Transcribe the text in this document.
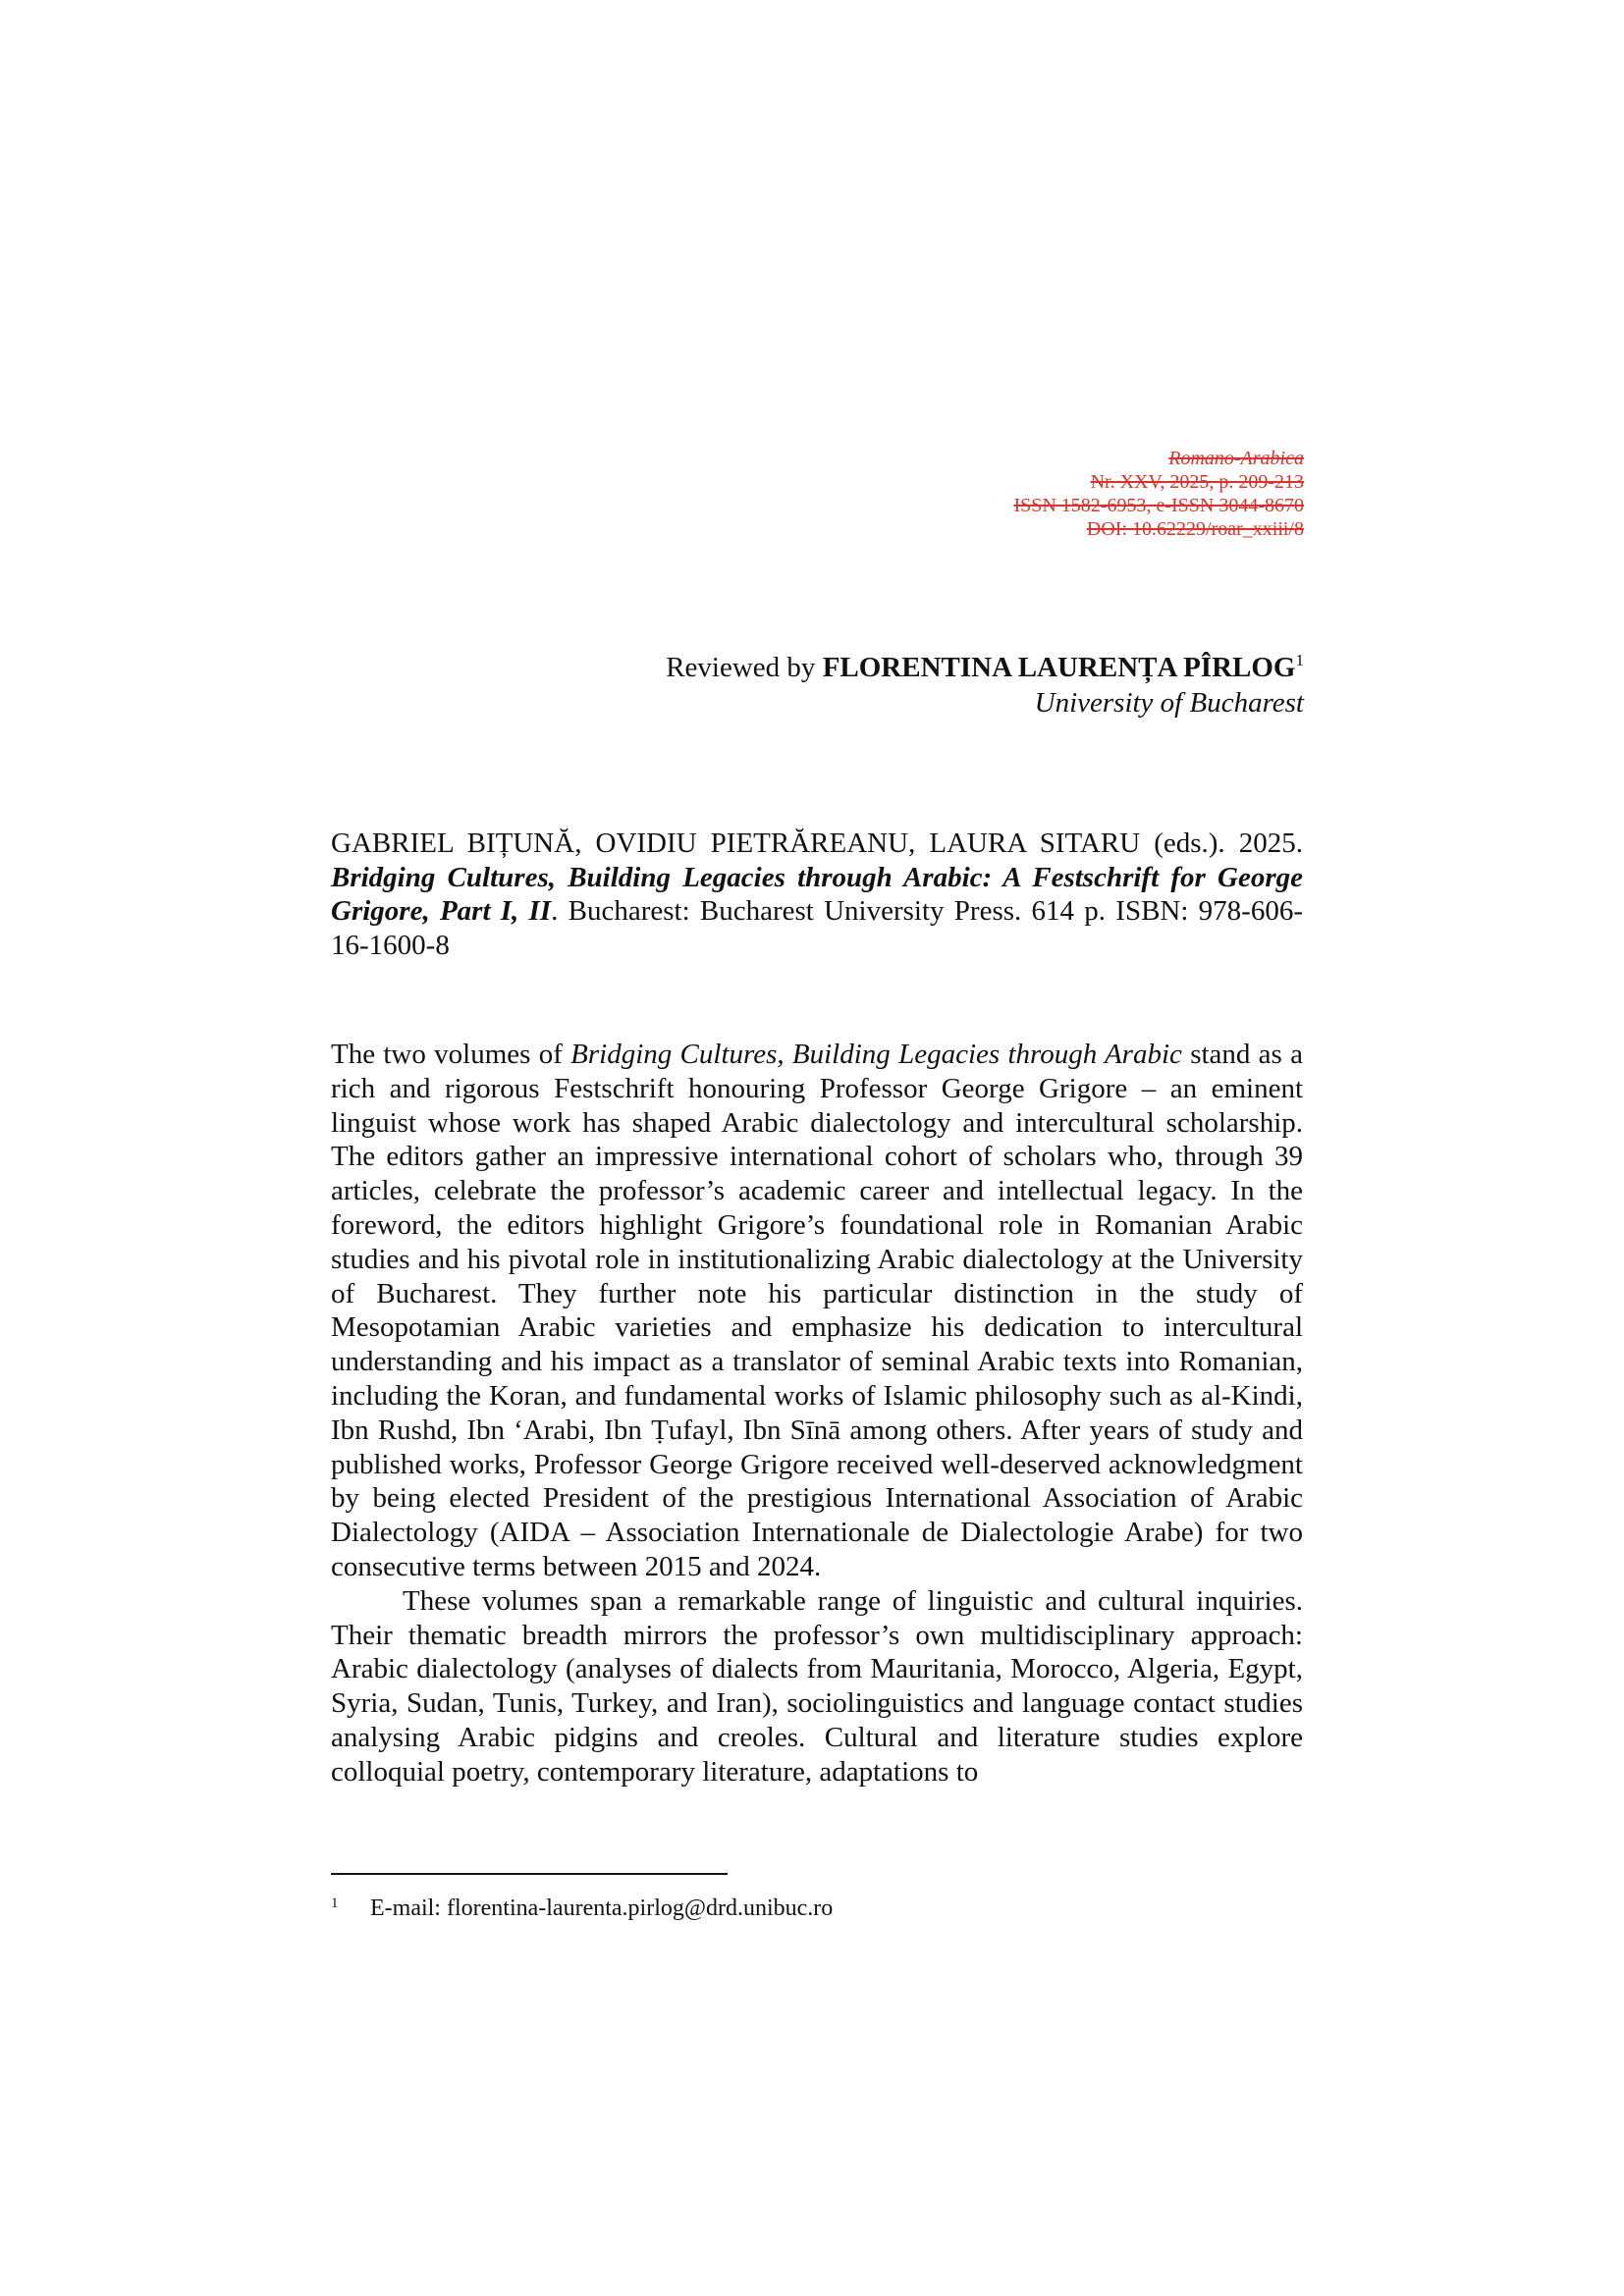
Romano-Arabica
Nr. XXV, 2025, p. 209-213
ISSN 1582-6953, e-ISSN 3044-8670
DOI: 10.62229/roar_xxiii/8
Reviewed by FLORENTINA LAURENȚA PÎRLOG$^1$
University of Bucharest
GABRIEL BIȚUNĂ, OVIDIU PIETRĂREANU, LAURA SITARU (eds.). 2025. Bridging Cultures, Building Legacies through Arabic: A Festschrift for George Grigore, Part I, II. Bucharest: Bucharest University Press. 614 p. ISBN: 978-606-16-1600-8

The two volumes of Bridging Cultures, Building Legacies through Arabic stand as a rich and rigorous Festschrift honouring Professor George Grigore – an eminent linguist whose work has shaped Arabic dialectology and intercultural scholarship. The editors gather an impressive international cohort of scholars who, through 39 articles, celebrate the professor’s academic career and intellectual legacy. In the foreword, the editors highlight Grigore’s foundational role in Romanian Arabic studies and his pivotal role in institutionalizing Arabic dialectology at the University of Bucharest. They further note his particular distinction in the study of Mesopotamian Arabic varieties and emphasize his dedication to intercultural understanding and his impact as a translator of seminal Arabic texts into Romanian, including the Koran, and fundamental works of Islamic philosophy such as al-Kindi, Ibn Rushd, Ibn ‘Arabi, Ibn Ṭufayl, Ibn Sīnā among others. After years of study and published works, Professor George Grigore received well-deserved acknowledgment by being elected President of the prestigious International Association of Arabic Dialectology (AIDA – Association Internationale de Dialectologie Arabe) for two consecutive terms between 2015 and 2024.

These volumes span a remarkable range of linguistic and cultural inquiries. Their thematic breadth mirrors the professor’s own multidisciplinary approach: Arabic dialectology (analyses of dialects from Mauritania, Morocco, Algeria, Egypt, Syria, Sudan, Tunis, Turkey, and Iran), sociolinguistics and language contact studies analysing Arabic pidgins and creoles. Cultural and literature studies explore colloquial poetry, contemporary literature, adaptations to

1 E-mail: florentina-laurenta.pirlog@drd.unibuc.ro
